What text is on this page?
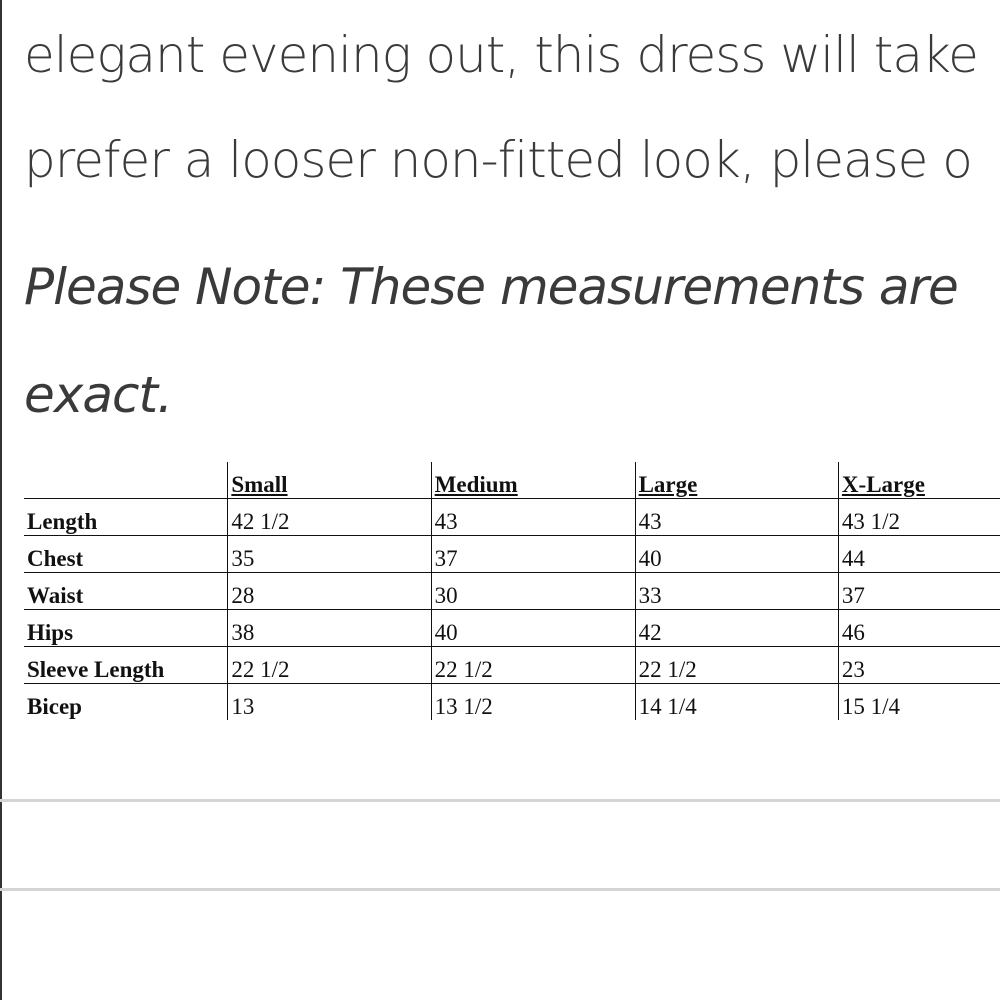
elegant evening out, this dress will take

prefer a looser non-fitted look, please o

Please Note: These measurements are

exact.

	Small	Medium	Large	X-Large
Length	42 1/2	43	43	43 1/2
Chest	35	37	40	44
Waist	28	30	33	37
Hips	38	40	42	46
Sleeve Length	22 1/2	22 1/2	22 1/2	23
Bicep	13	13 1/2	14 1/4	15 1/4
